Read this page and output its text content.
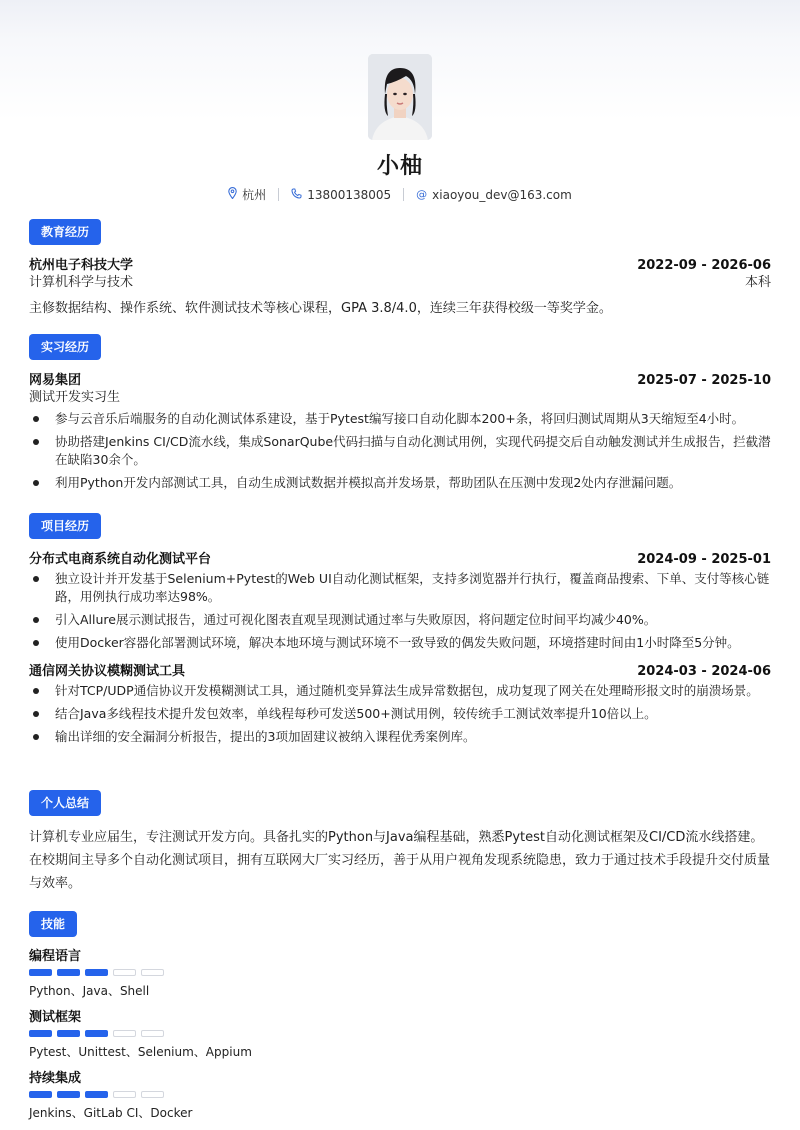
小柚
杭州	13800138005 @ xiaoyou_dev@163.com
教育经历
杭州电子科技大学	2022-09 - 2026-06
计算机科学与技术	本科
主修数据结构、操作系统、软件测试技术等核心课程，GPA 3.8/4.0，连续三年获得校级一等奖学金。
实习经历
网易集团	2025-07 - 2025-10
测试开发实习生
参与云音乐后端服务的自动化测试体系建设，基于Pytest编写接口自动化脚本200+条，将回归测试周期从3天缩短至4小时。
协助搭建Jenkins CI/CD流水线，集成SonarQube代码扫描与自动化测试用例，实现代码提交后自动触发测试并生成报告，拦截潜在缺陷30余个。
利用Python开发内部测试工具，自动生成测试数据并模拟高并发场景，帮助团队在压测中发现2处内存泄漏问题。
项目经历
分布式电商系统自动化测试平台	2024-09 - 2025-01
独立设计并开发基于Selenium+Pytest的Web UI自动化测试框架，支持多浏览器并行执行，覆盖商品搜索、下单、支付等核心链路，用例执行成功率达98%。
引入Allure展示测试报告，通过可视化图表直观呈现测试通过率与失败原因，将问题定位时间平均减少40%。
使用Docker容器化部署测试环境，解决本地环境与测试环境不一致导致的偶发失败问题，环境搭建时间由1小时降至5分钟。
通信网关协议模糊测试工具	2024-03 - 2024-06
针对TCP/UDP通信协议开发模糊测试工具，通过随机变异算法生成异常数据包，成功复现了网关在处理畸形报文时的崩溃场景。
结合Java多线程技术提升发包效率，单线程每秒可发送500+测试用例，较传统手工测试效率提升10倍以上。
输出详细的安全漏洞分析报告，提出的3项加固建议被纳入课程优秀案例库。
个人总结
计算机专业应届生，专注测试开发方向。具备扎实的Python与Java编程基础，熟悉Pytest自动化测试框架及CI/CD流水线搭建。在校期间主导多个自动化测试项目，拥有互联网大厂实习经历，善于从用户视角发现系统隐患，致力于通过技术手段提升交付质量与效率。
技能
编程语言
Python、Java、Shell
测试框架
Pytest、Unittest、Selenium、Appium
持续集成
Jenkins、GitLab CI、Docker
